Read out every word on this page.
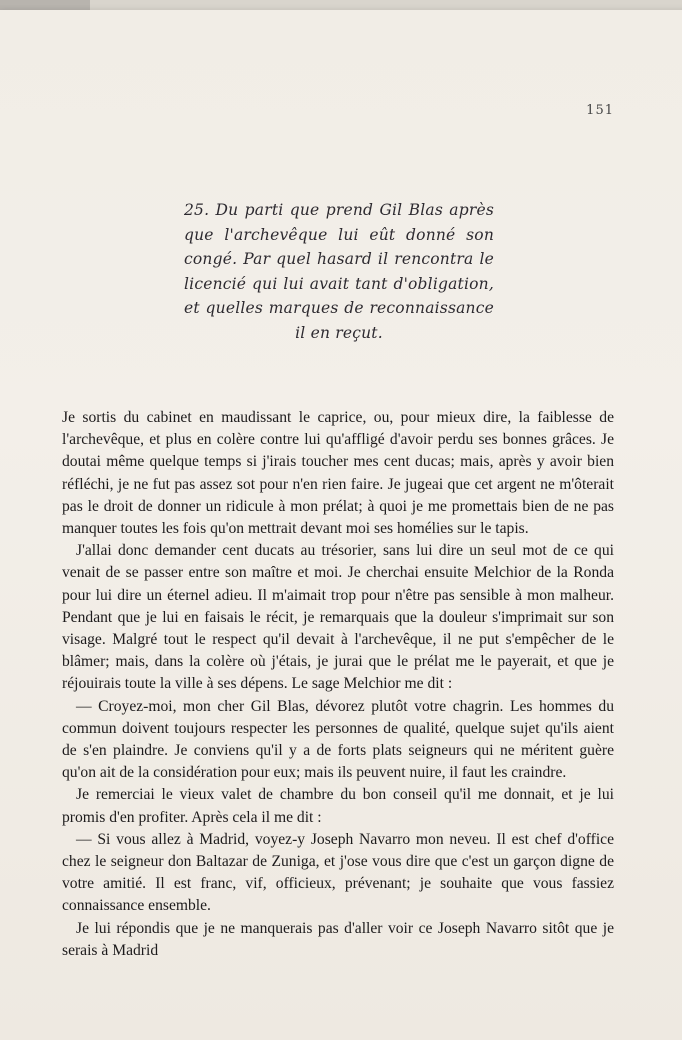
151
25. Du parti que prend Gil Blas après que l'archevêque lui eût donné son congé. Par quel hasard il rencontra le licencié qui lui avait tant d'obligation, et quelles marques de reconnaissance il en reçut.

Je sortis du cabinet en maudissant le caprice, ou, pour mieux dire, la faiblesse de l'archevêque, et plus en colère contre lui qu'affligé d'avoir perdu ses bonnes grâces. Je doutai même quelque temps si j'irais toucher mes cent ducas; mais, après y avoir bien réfléchi, je ne fut pas assez sot pour n'en rien faire. Je jugeai que cet argent ne m'ôterait pas le droit de donner un ridicule à mon prélat; à quoi je me promettais bien de ne pas manquer toutes les fois qu'on mettrait devant moi ses homélies sur le tapis.

J'allai donc demander cent ducats au trésorier, sans lui dire un seul mot de ce qui venait de se passer entre son maître et moi. Je cherchai ensuite Melchior de la Ronda pour lui dire un éternel adieu. Il m'aimait trop pour n'être pas sensible à mon malheur. Pendant que je lui en faisais le récit, je remarquais que la douleur s'imprimait sur son visage. Malgré tout le respect qu'il devait à l'archevêque, il ne put s'empêcher de le blâmer; mais, dans la colère où j'étais, je jurai que le prélat me le payerait, et que je réjouirais toute la ville à ses dépens. Le sage Melchior me dit :

— Croyez-moi, mon cher Gil Blas, dévorez plutôt votre chagrin. Les hommes du commun doivent toujours respecter les personnes de qualité, quelque sujet qu'ils aient de s'en plaindre. Je conviens qu'il y a de forts plats seigneurs qui ne méritent guère qu'on ait de la considération pour eux; mais ils peuvent nuire, il faut les craindre.

Je remerciai le vieux valet de chambre du bon conseil qu'il me donnait, et je lui promis d'en profiter. Après cela il me dit :

— Si vous allez à Madrid, voyez-y Joseph Navarro mon neveu. Il est chef d'office chez le seigneur don Baltazar de Zuniga, et j'ose vous dire que c'est un garçon digne de votre amitié. Il est franc, vif, officieux, prévenant; je souhaite que vous fassiez connaissance ensemble.

Je lui répondis que je ne manquerais pas d'aller voir ce Joseph Navarro sitôt que je serais à Madrid
